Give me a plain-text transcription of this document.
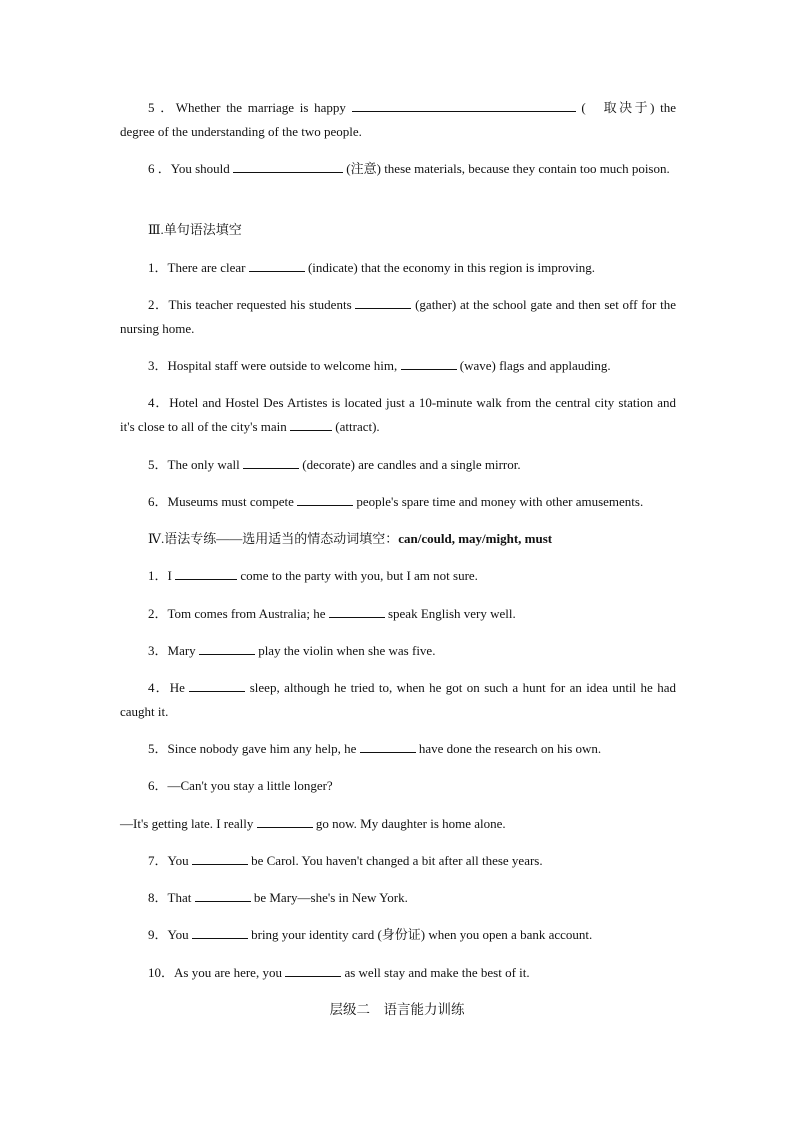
5 ．Whether the marriage is happy	(　取决于) the degree of the understanding of the two people.

6 ．You should	(注意) these materials, because they contain too much poison.

Ⅲ.单句语法填空

1．There are clear	(indicate) that the economy in this region is improving.

2．This teacher requested his students	(gather) at the school gate and then set off for the nursing home.

3．Hospital staff were outside to welcome him,	(wave) flags and applauding.

4．Hotel and Hostel Des Artistes is located just a 10-minute walk from the central city station and it's close to all of the city's main	(attract).

5．The only wall	(decorate) are candles and a single mirror.

6．Museums must compete	people's spare time and money with other amusements.

Ⅳ.语法专练——选用适当的情态动词填空：can/could, may/might, must

1．I	come to the party with you, but I am not sure.

2．Tom comes from Australia; he	speak English very well.

3．Mary	play the violin when she was five.

4．He	sleep, although he tried to, when he got on such a hunt for an idea until he had caught it.

5．Since nobody gave him any help, he	have done the research on his own.

6．—Can't you stay a little longer?

—It's getting late. I really	go now. My daughter is home alone.

7．You	be Carol. You haven't changed a bit after all these years.

8．That	be Mary—she's in New York.

9．You	bring your identity card (身份证) when you open a bank account.

10．As you are here, you	as well stay and make the best of it.

层级二　语言能力训练
